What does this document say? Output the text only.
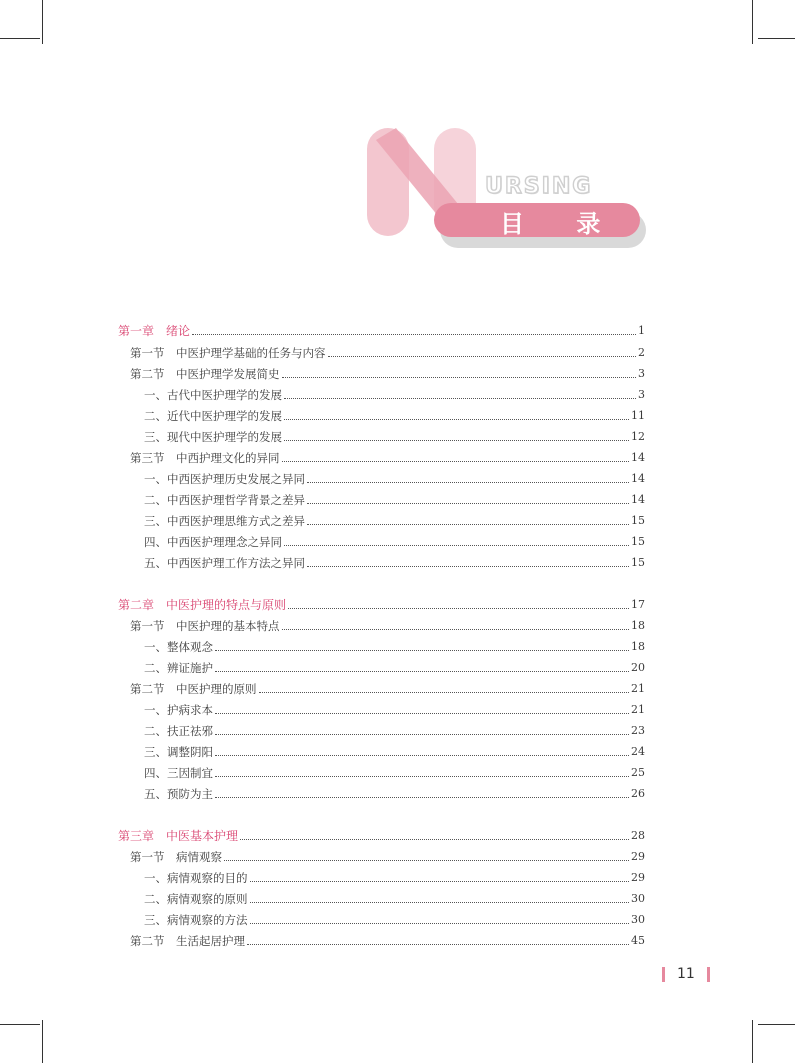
URSING
目 录
第一章　绪论	1
第一节　中医护理学基础的任务与内容	2
第二节　中医护理学发展简史	3
一、古代中医护理学的发展	3
二、近代中医护理学的发展	11
三、现代中医护理学的发展	12
第三节　中西护理文化的异同	14
一、中西医护理历史发展之异同	14
二、中西医护理哲学背景之差异	14
三、中西医护理思维方式之差异	15
四、中西医护理理念之异同	15
五、中西医护理工作方法之异同	15
第二章　中医护理的特点与原则	17
第一节　中医护理的基本特点	18
一、整体观念	18
二、辨证施护	20
第二节　中医护理的原则	21
一、护病求本	21
二、扶正祛邪	23
三、调整阴阳	24
四、三因制宜	25
五、预防为主	26
第三章　中医基本护理	28
第一节　病情观察	29
一、病情观察的目的	29
二、病情观察的原则	30
三、病情观察的方法	30
第二节　生活起居护理	45
11
